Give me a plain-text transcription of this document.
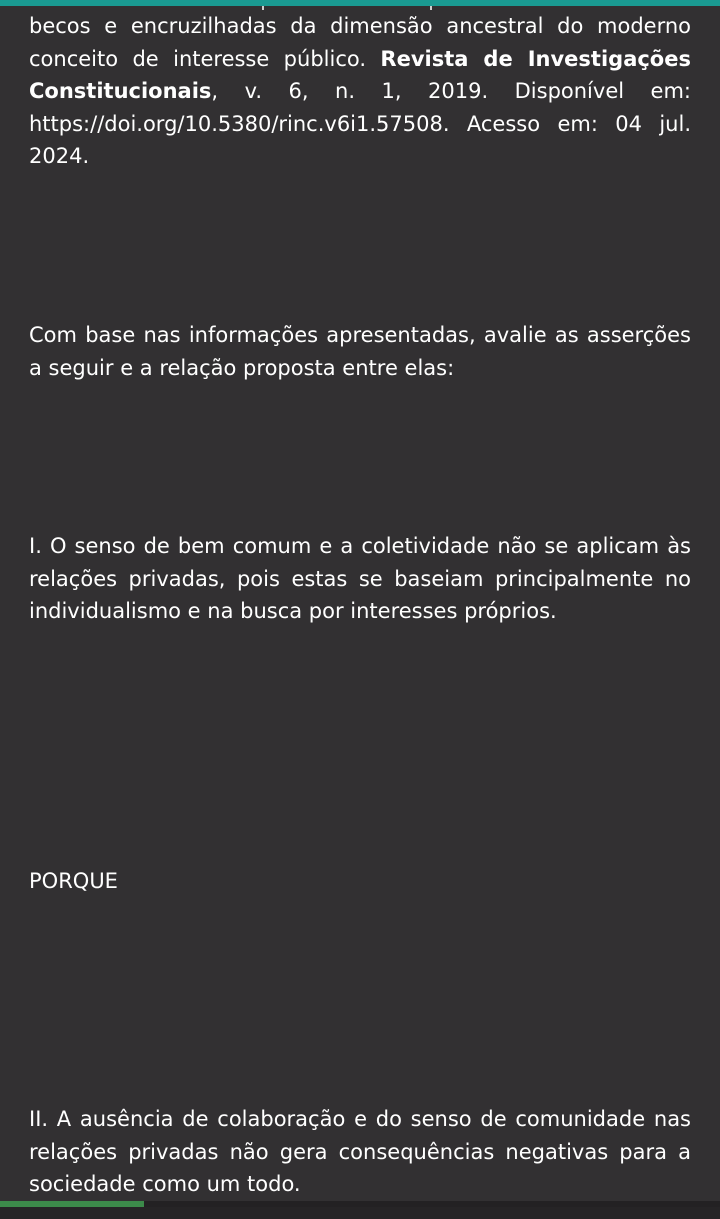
becos e encruzilhadas da dimensão ancestral do moderno conceito de interesse público. Revista de Investigações Constitucionais, v. 6, n. 1, 2019. Disponível em: https://doi.org/10.5380/rinc.v6i1.57508. Acesso em: 04 jul. 2024.

Com base nas informações apresentadas, avalie as asserções a seguir e a relação proposta entre elas:

I. O senso de bem comum e a coletividade não se aplicam às relações privadas, pois estas se baseiam principalmente no individualismo e na busca por interesses próprios.

PORQUE

II. A ausência de colaboração e do senso de comunidade nas relações privadas não gera consequências negativas para a sociedade como um todo.
